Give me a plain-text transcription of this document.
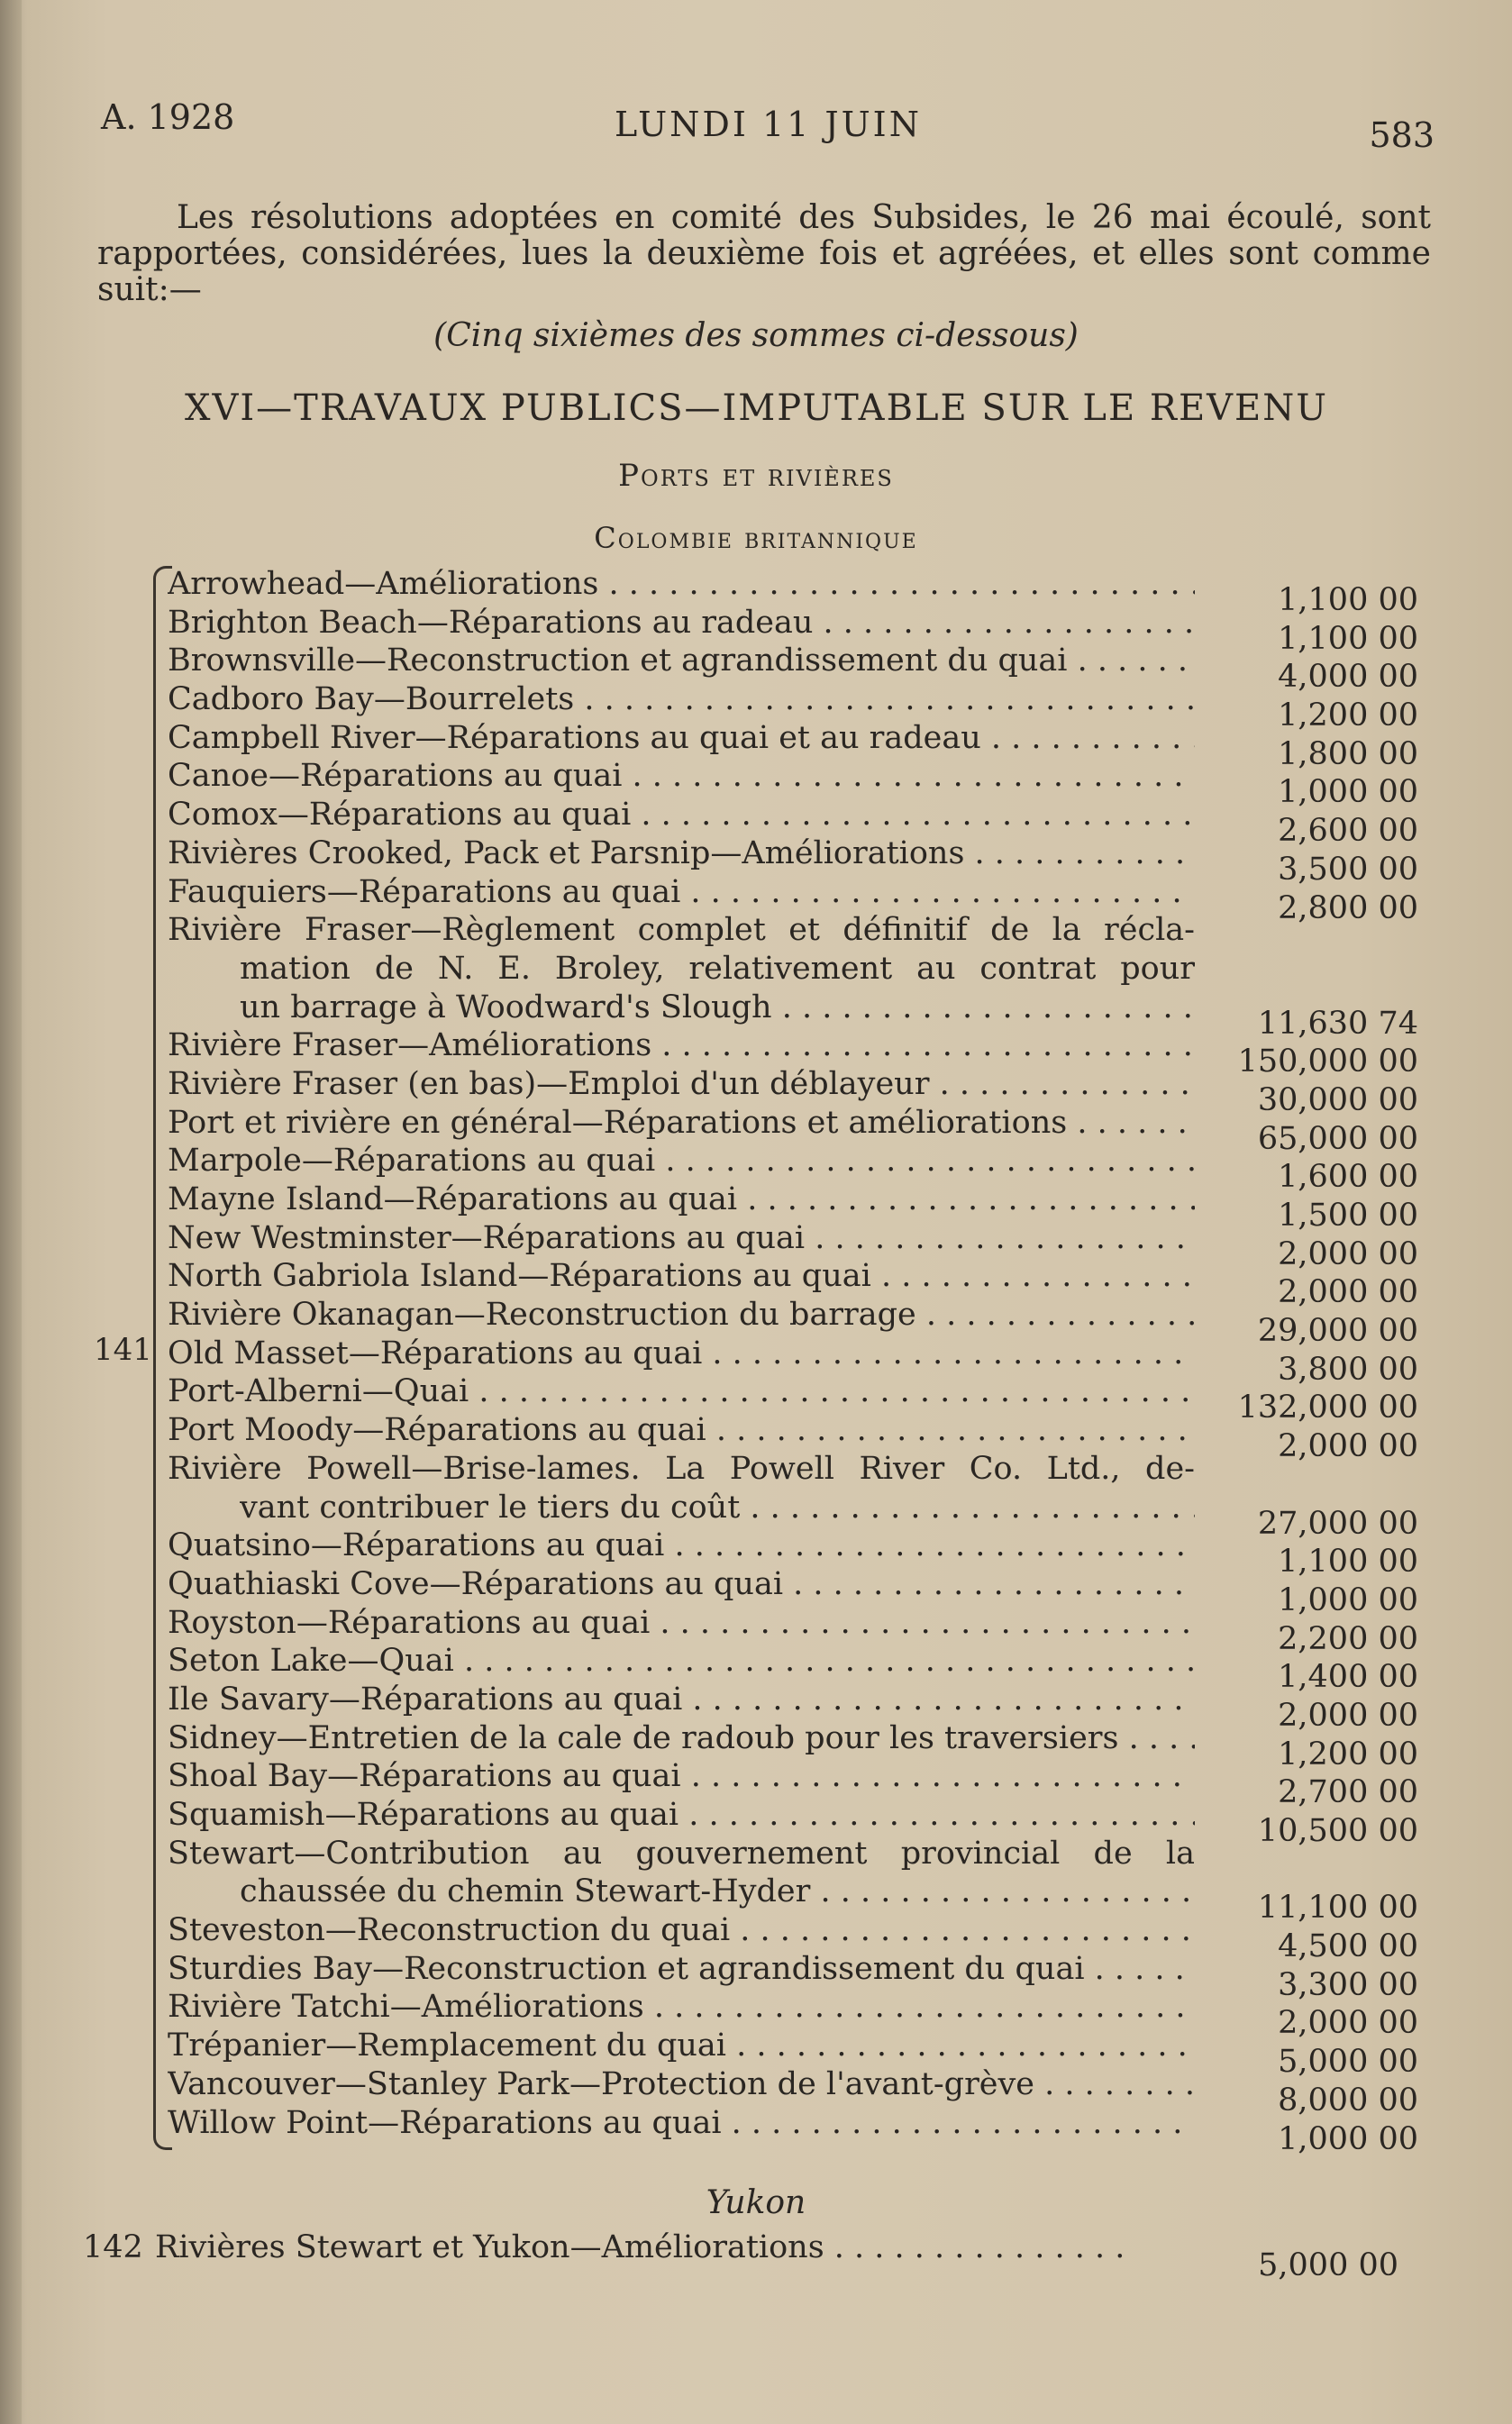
A. 1928	LUNDI 11 JUIN	583

Les résolutions adoptées en comité des Subsides, le 26 mai écoulé, sont rapportées, considérées, lues la deuxième fois et agréées, et elles sont comme suit:—

(Cinq sixièmes des sommes ci-dessous)
XVI—TRAVAUX PUBLICS—IMPUTABLE SUR LE REVENU
Ports et rivières
Colombie britannique
141
Arrowhead—Améliorations . . .	1,100 00
Brighton Beach—Réparations au radeau . . .	1,100 00
Brownsville—Reconstruction et agrandissement du quai . . .	4,000 00
Cadboro Bay—Bourrelets . . .	1,200 00
Campbell River—Réparations au quai et au radeau . . .	1,800 00
Canoe—Réparations au quai . . .	1,000 00
Comox—Réparations au quai . . .	2,600 00
Rivières Crooked, Pack et Parsnip—Améliorations . . .	3,500 00
Fauquiers—Réparations au quai . . .	2,800 00
Rivière Fraser—Règlement complet et définitif de la récla-
mation de N. E. Broley, relativement au contrat pour
un barrage à Woodward's Slough . . .	11,630 74
Rivière Fraser—Améliorations . . .	150,000 00
Rivière Fraser (en bas)—Emploi d'un déblayeur . . .	30,000 00
Port et rivière en général—Réparations et améliorations . . .	65,000 00
Marpole—Réparations au quai . . .	1,600 00
Mayne Island—Réparations au quai . . .	1,500 00
New Westminster—Réparations au quai . . .	2,000 00
North Gabriola Island—Réparations au quai . . .	2,000 00
Rivière Okanagan—Reconstruction du barrage . . .	29,000 00
Old Masset—Réparations au quai . . .	3,800 00
Port-Alberni—Quai . . .	132,000 00
Port Moody—Réparations au quai . . .	2,000 00
Rivière Powell—Brise-lames. La Powell River Co. Ltd., de-
vant contribuer le tiers du coût . . .	27,000 00
Quatsino—Réparations au quai . . .	1,100 00
Quathiaski Cove—Réparations au quai . . .	1,000 00
Royston—Réparations au quai . . .	2,200 00
Seton Lake—Quai . . .	1,400 00
Ile Savary—Réparations au quai . . .	2,000 00
Sidney—Entretien de la cale de radoub pour les traversiers . . .	1,200 00
Shoal Bay—Réparations au quai . . .	2,700 00
Squamish—Réparations au quai . . .	10,500 00
Stewart—Contribution au gouvernement provincial de la
chaussée du chemin Stewart-Hyder . . .	11,100 00
Steveston—Reconstruction du quai . . .	4,500 00
Sturdies Bay—Reconstruction et agrandissement du quai . . .	3,300 00
Rivière Tatchi—Améliorations . . .	2,000 00
Trépanier—Remplacement du quai . . .	5,000 00
Vancouver—Stanley Park—Protection de l'avant-grève . . .	8,000 00
Willow Point—Réparations au quai . . .	1,000 00
Yukon
142 Rivières Stewart et Yukon—Améliorations . . .	5,000 00
